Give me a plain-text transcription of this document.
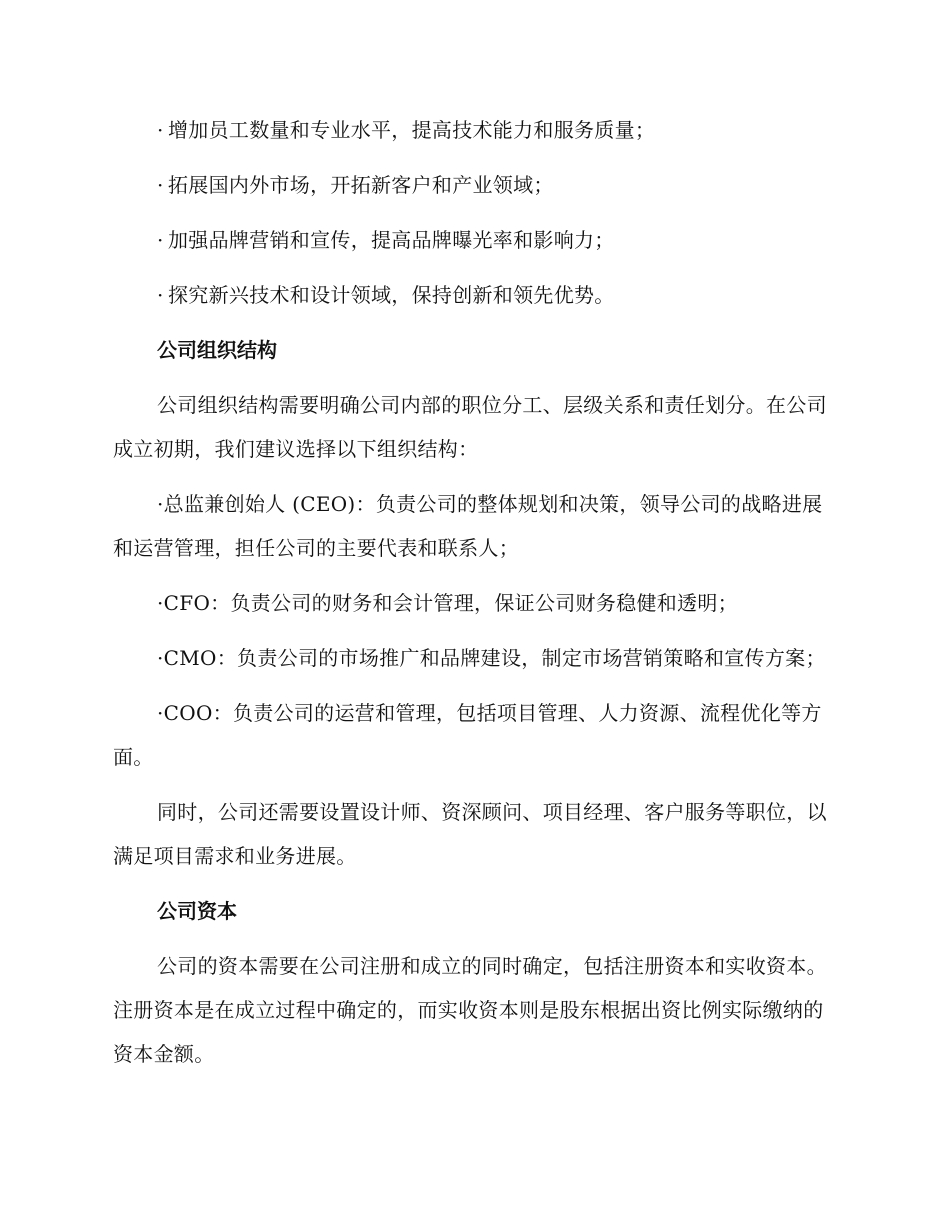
· 增加员工数量和专业水平，提高技术能力和服务质量；

· 拓展国内外市场，开拓新客户和产业领域；

· 加强品牌营销和宣传，提高品牌曝光率和影响力；

· 探究新兴技术和设计领域，保持创新和领先优势。

公司组织结构

公司组织结构需要明确公司内部的职位分工、层级关系和责任划分。在公司成立初期，我们建议选择以下组织结构：

·总监兼创始人 (CEO)：负责公司的整体规划和决策，领导公司的战略进展和运营管理，担任公司的主要代表和联系人；

·CFO：负责公司的财务和会计管理，保证公司财务稳健和透明；

·CMO：负责公司的市场推广和品牌建设，制定市场营销策略和宣传方案；

·COO：负责公司的运营和管理，包括项目管理、人力资源、流程优化等方面。

同时，公司还需要设置设计师、资深顾问、项目经理、客户服务等职位，以满足项目需求和业务进展。

公司资本

公司的资本需要在公司注册和成立的同时确定，包括注册资本和实收资本。注册资本是在成立过程中确定的，而实收资本则是股东根据出资比例实际缴纳的资本金额。
